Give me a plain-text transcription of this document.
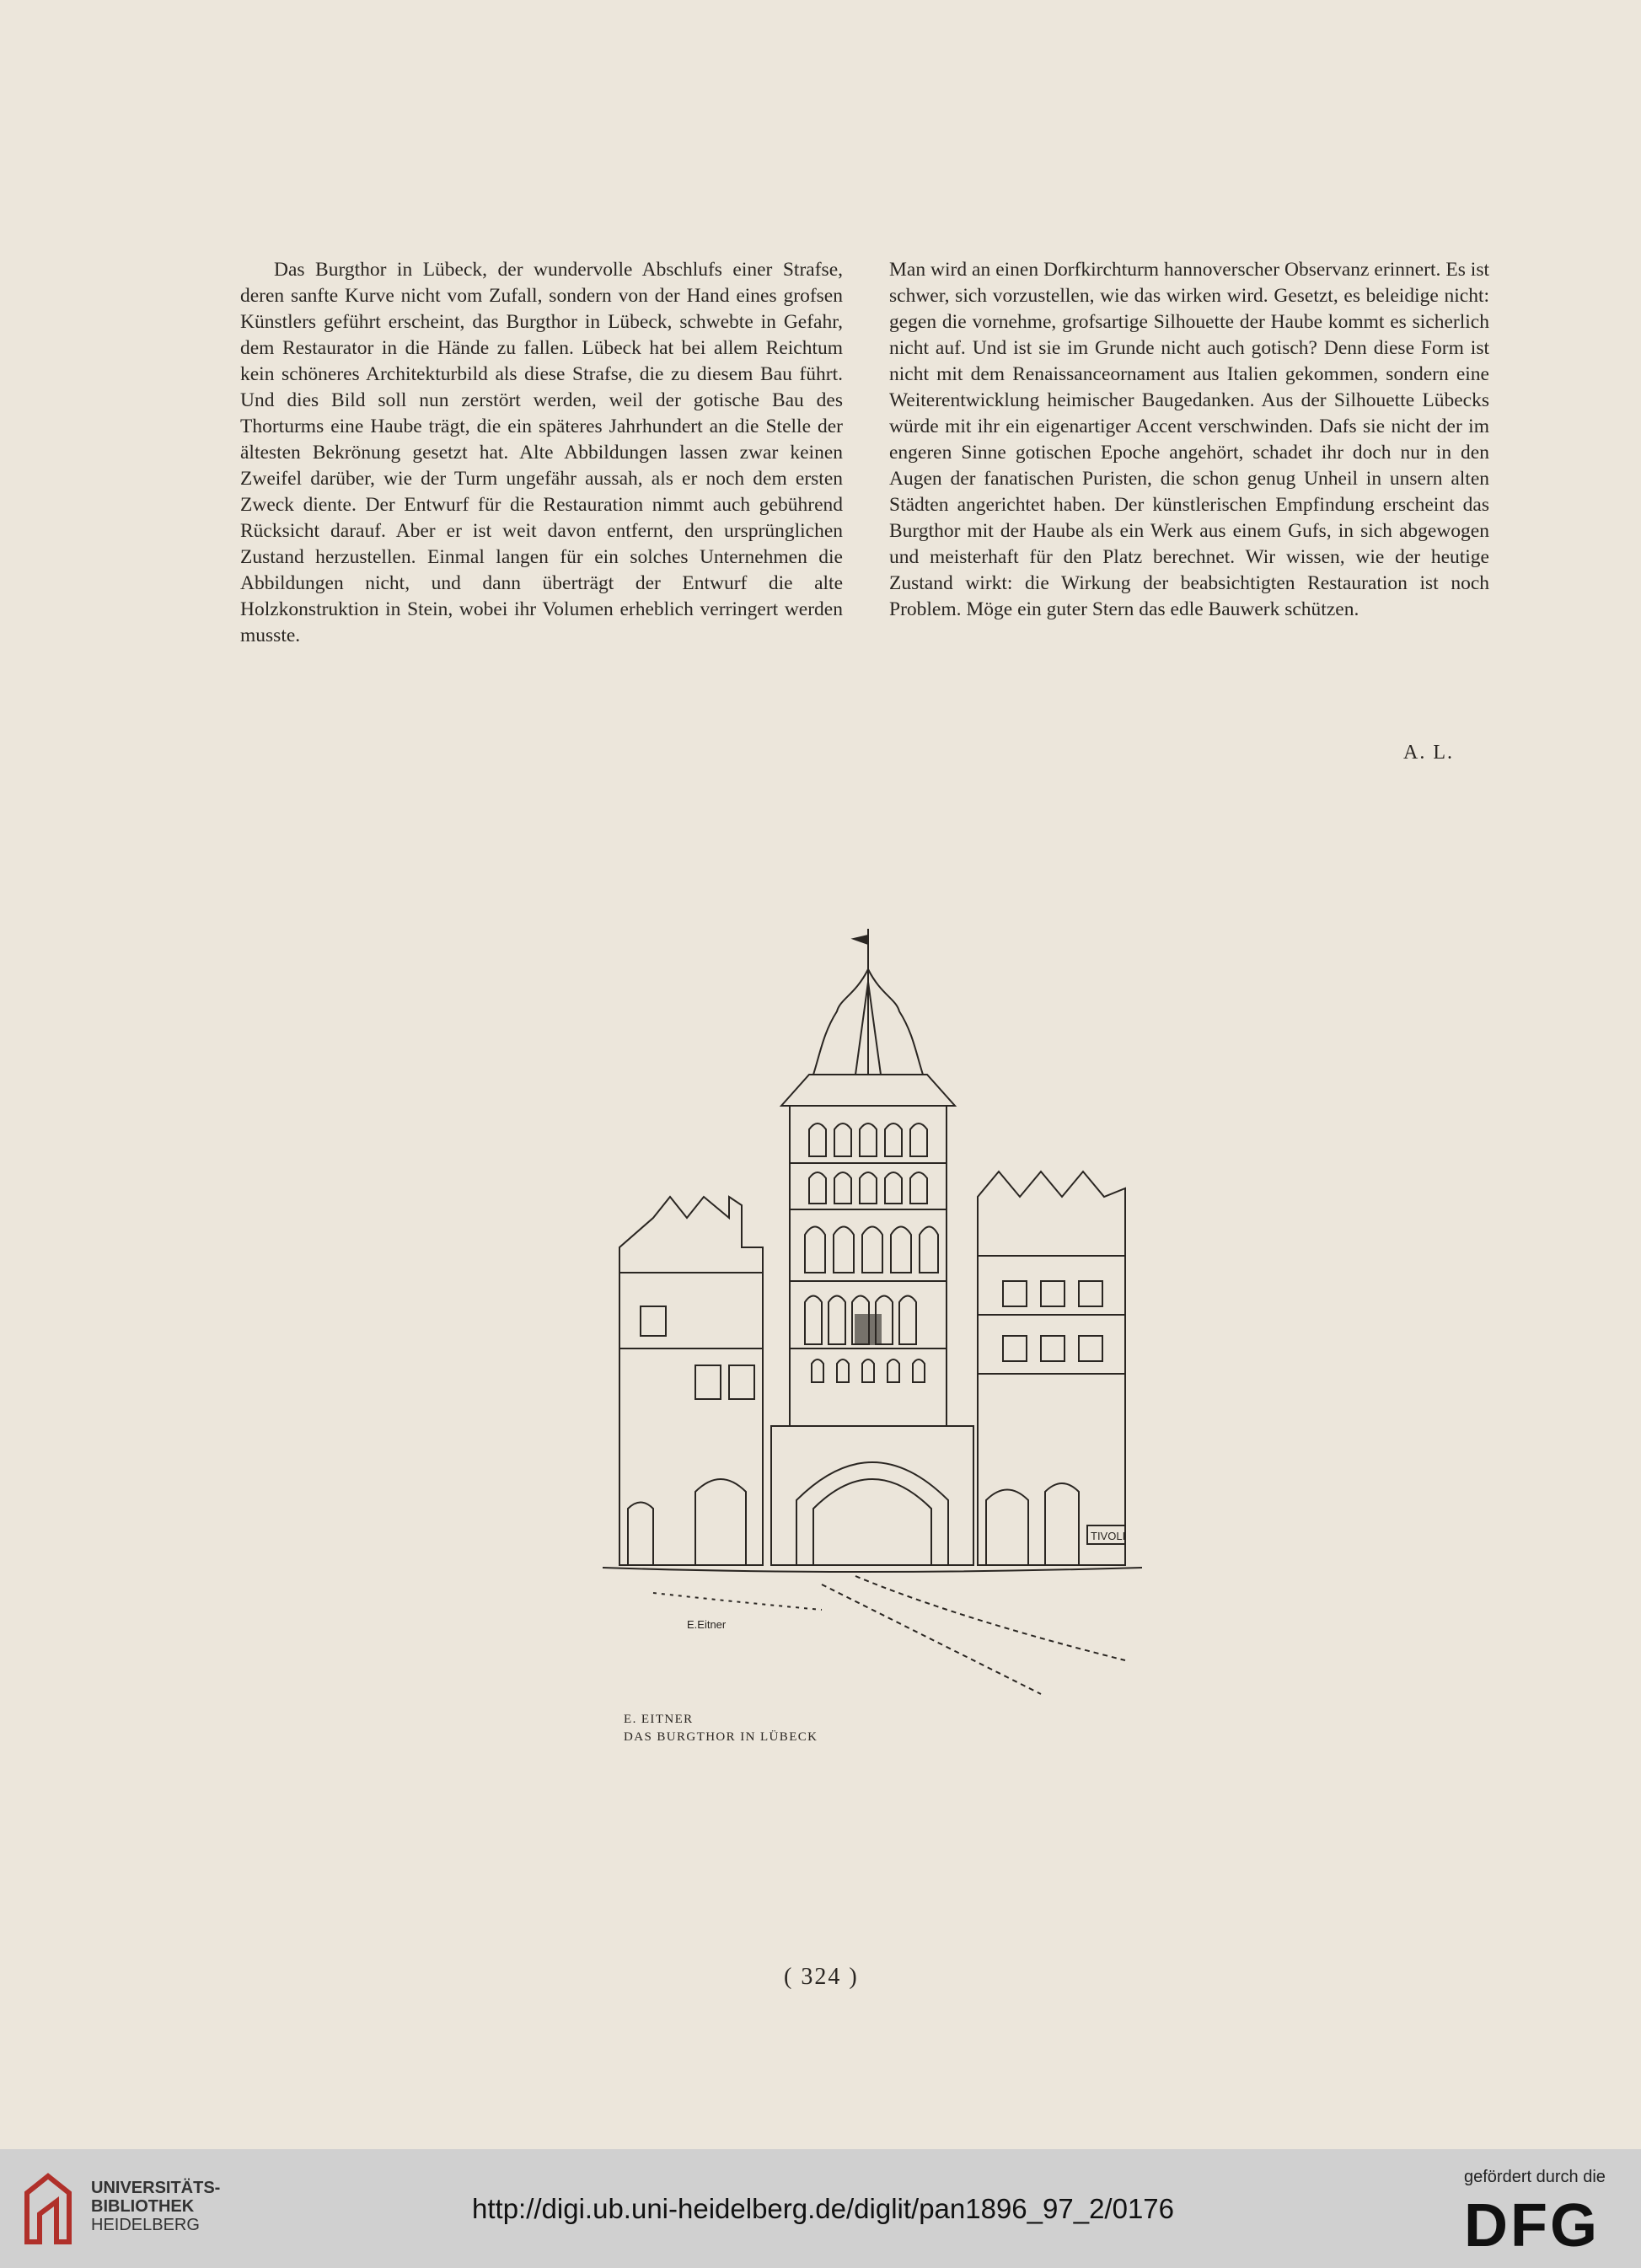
Das Burgthor in Lübeck, der wundervolle Abschlufs einer Strafse, deren sanfte Kurve nicht vom Zufall, sondern von der Hand eines grofsen Künstlers geführt erscheint, das Burgthor in Lübeck, schwebte in Gefahr, dem Restaurator in die Hände zu fallen. Lübeck hat bei allem Reichtum kein schöneres Architekturbild als diese Strafse, die zu diesem Bau führt. Und dies Bild soll nun zerstört werden, weil der gotische Bau des Thorturms eine Haube trägt, die ein späteres Jahrhundert an die Stelle der ältesten Bekrönung gesetzt hat. Alte Abbildungen lassen zwar keinen Zweifel darüber, wie der Turm ungefähr aussah, als er noch dem ersten Zweck diente. Der Entwurf für die Restauration nimmt auch gebührend Rücksicht darauf. Aber er ist weit davon entfernt, den ursprünglichen Zustand herzustellen. Einmal langen für ein solches Unternehmen die Abbildungen nicht, und dann überträgt der Entwurf die alte Holzkonstruktion in Stein, wobei ihr Volumen erheblich verringert werden musste.

Man wird an einen Dorfkirchturm hannoverscher Observanz erinnert. Es ist schwer, sich vorzustellen, wie das wirken wird. Gesetzt, es beleidige nicht: gegen die vornehme, grofsartige Silhouette der Haube kommt es sicherlich nicht auf. Und ist sie im Grunde nicht auch gotisch? Denn diese Form ist nicht mit dem Renaissanceornament aus Italien gekommen, sondern eine Weiterentwicklung heimischer Baugedanken. Aus der Silhouette Lübecks würde mit ihr ein eigenartiger Accent verschwinden. Dafs sie nicht der im engeren Sinne gotischen Epoche angehört, schadet ihr doch nur in den Augen der fanatischen Puristen, die schon genug Unheil in unsern alten Städten angerichtet haben. Der künstlerischen Empfindung erscheint das Burgthor mit der Haube als ein Werk aus einem Gufs, in sich abgewogen und meisterhaft für den Platz berechnet. Wir wissen, wie der heutige Zustand wirkt: die Wirkung der beabsichtigten Restauration ist noch Problem. Möge ein guter Stern das edle Bauwerk schützen.

A. L.
TIVOLI
E.Eitner
E. EITNER
DAS BURGTHOR IN LÜBECK
( 324 )
UNIVERSITÄTS-
BIBLIOTHEK
HEIDELBERG
http://digi.ub.uni-heidelberg.de/diglit/pan1896_97_2/0176
gefördert durch die
DFG
